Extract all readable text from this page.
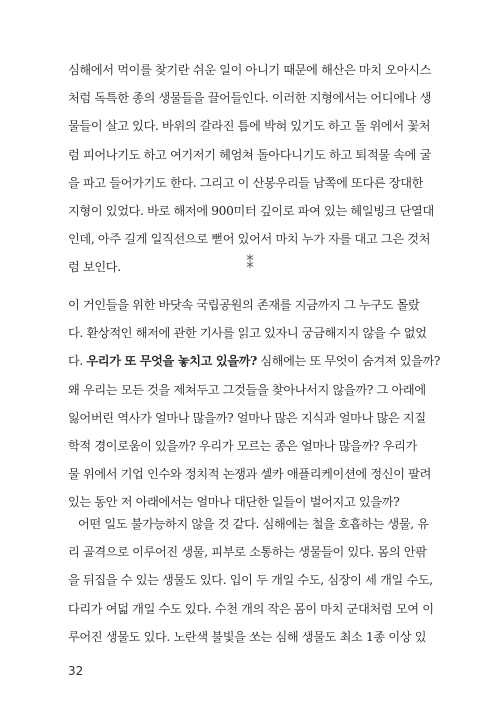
심해에서 먹이를 찾기란 쉬운 일이 아니기 때문에 해산은 마치 오아시스
처럼 독특한 종의 생물들을 끌어들인다. 이러한 지형에서는 어디에나 생
물들이 살고 있다. 바위의 갈라진 틈에 박혀 있기도 하고 돌 위에서 꽃처
럼 피어나기도 하고 여기저기 헤엄쳐 돌아다니기도 하고 퇴적물 속에 굴
을 파고 들어가기도 한다. 그리고 이 산봉우리들 남쪽에 또다른 장대한
지형이 있었다. 바로 해저에 900미터 깊이로 파여 있는 헤일빙크 단열대
인데, 아주 길게 일직선으로 뻗어 있어서 마치 누가 자를 대고 그은 것처
럼 보인다.	⁑
이 거인들을 위한 바닷속 국립공원의 존재를 지금까지 그 누구도 몰랐
다. 환상적인 해저에 관한 기사를 읽고 있자니 궁금해지지 않을 수 없었
다. 우리가 또 무엇을 놓치고 있을까? 심해에는 또 무엇이 숨겨져 있을까?
왜 우리는 모든 것을 제쳐두고 그것들을 찾아나서지 않을까? 그 아래에
잃어버린 역사가 얼마나 많을까? 얼마나 많은 지식과 얼마나 많은 지질
학적 경이로움이 있을까? 우리가 모르는 종은 얼마나 많을까? 우리가
물 위에서 기업 인수와 정치적 논쟁과 셀카 애플리케이션에 정신이 팔려
있는 동안 저 아래에서는 얼마나 대단한 일들이 벌어지고 있을까?
어떤 일도 불가능하지 않을 것 같다. 심해에는 철을 호흡하는 생물, 유
리 골격으로 이루어진 생물, 피부로 소통하는 생물들이 있다. 몸의 안팎
을 뒤집을 수 있는 생물도 있다. 입이 두 개일 수도, 심장이 세 개일 수도,
다리가 여덟 개일 수도 있다. 수천 개의 작은 몸이 마치 군대처럼 모여 이
루어진 생물도 있다. 노란색 불빛을 쏘는 심해 생물도 최소 1종 이상 있
32
